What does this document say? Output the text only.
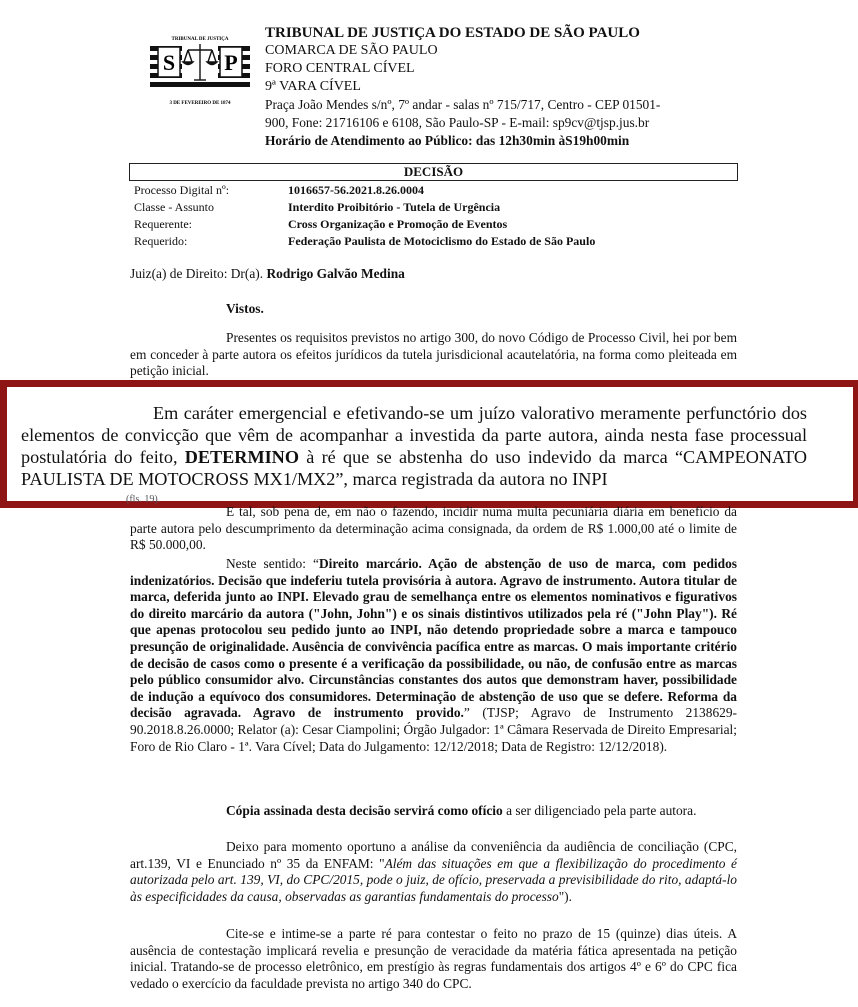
TRIBUNAL DE JUSTIÇA
S P
3 DE FEVEREIRO DE 1874
TRIBUNAL DE JUSTIÇA DO ESTADO DE SÃO PAULO
COMARCA DE SÃO PAULO
FORO CENTRAL CÍVEL
9ª VARA CÍVEL
Praça João Mendes s/nº, 7º andar - salas nº 715/717, Centro - CEP 01501-
900, Fone: 21716106 e 6108, São Paulo-SP - E-mail: sp9cv@tjsp.jus.br
Horário de Atendimento ao Público: das 12h30min àS19h00min
DECISÃO
Processo Digital nº:	1016657-56.2021.8.26.0004
Classe - Assunto	Interdito Proibitório - Tutela de Urgência
Requerente:	Cross Organização e Promoção de Eventos
Requerido:	Federação Paulista de Motociclismo do Estado de São Paulo
Juiz(a) de Direito: Dr(a). Rodrigo Galvão Medina
Vistos.

Presentes os requisitos previstos no artigo 300, do novo Código de Processo Civil, hei por bem em conceder à parte autora os efeitos jurídicos da tutela jurisdicional acautelatória, na forma como pleiteada em petição inicial.

Em caráter emergencial e efetivando-se um juízo valorativo meramente perfunctório dos elementos de convicção que vêm de acompanhar a investida da parte autora, ainda nesta fase processual postulatória do feito, DETERMINO à ré que se abstenha do uso indevido da marca “CAMPEONATO PAULISTA DE MOTOCROSS MX1/MX2”, marca registrada da autora no INPI

(fls. 19).

E tal, sob pena de, em não o fazendo, incidir numa multa pecuniária diária em benefício da parte autora pelo descumprimento da determinação acima consignada, da ordem de R$ 1.000,00 até o limite de R$ 50.000,00.

Neste sentido: “Direito marcário. Ação de abstenção de uso de marca, com pedidos indenizatórios. Decisão que indeferiu tutela provisória à autora. Agravo de instrumento. Autora titular de marca, deferida junto ao INPI. Elevado grau de semelhança entre os elementos nominativos e figurativos do direito marcário da autora ("John, John") e os sinais distintivos utilizados pela ré ("John Play"). Ré que apenas protocolou seu pedido junto ao INPI, não detendo propriedade sobre a marca e tampouco presunção de originalidade. Ausência de convivência pacífica entre as marcas. O mais importante critério de decisão de casos como o presente é a verificação da possibilidade, ou não, de confusão entre as marcas pelo público consumidor alvo. Circunstâncias constantes dos autos que demonstram haver, possibilidade de indução a equívoco dos consumidores. Determinação de abstenção de uso que se defere. Reforma da decisão agravada. Agravo de instrumento provido.” (TJSP; Agravo de Instrumento 2138629-90.2018.8.26.0000; Relator (a): Cesar Ciampolini; Órgão Julgador: 1ª Câmara Reservada de Direito Empresarial; Foro de Rio Claro - 1ª. Vara Cível; Data do Julgamento: 12/12/2018; Data de Registro: 12/12/2018).

Cópia assinada desta decisão servirá como ofício a ser diligenciado pela parte autora.

Deixo para momento oportuno a análise da conveniência da audiência de conciliação (CPC, art.139, VI e Enunciado nº 35 da ENFAM: "Além das situações em que a flexibilização do procedimento é autorizada pelo art. 139, VI, do CPC/2015, pode o juiz, de ofício, preservada a previsibilidade do rito, adaptá-lo às especificidades da causa, observadas as garantias fundamentais do processo").

Cite-se e intime-se a parte ré para contestar o feito no prazo de 15 (quinze) dias úteis. A ausência de contestação implicará revelia e presunção de veracidade da matéria fática apresentada na petição inicial. Tratando-se de processo eletrônico, em prestígio às regras fundamentais dos artigos 4º e 6º do CPC fica vedado o exercício da faculdade prevista no artigo 340 do CPC.
